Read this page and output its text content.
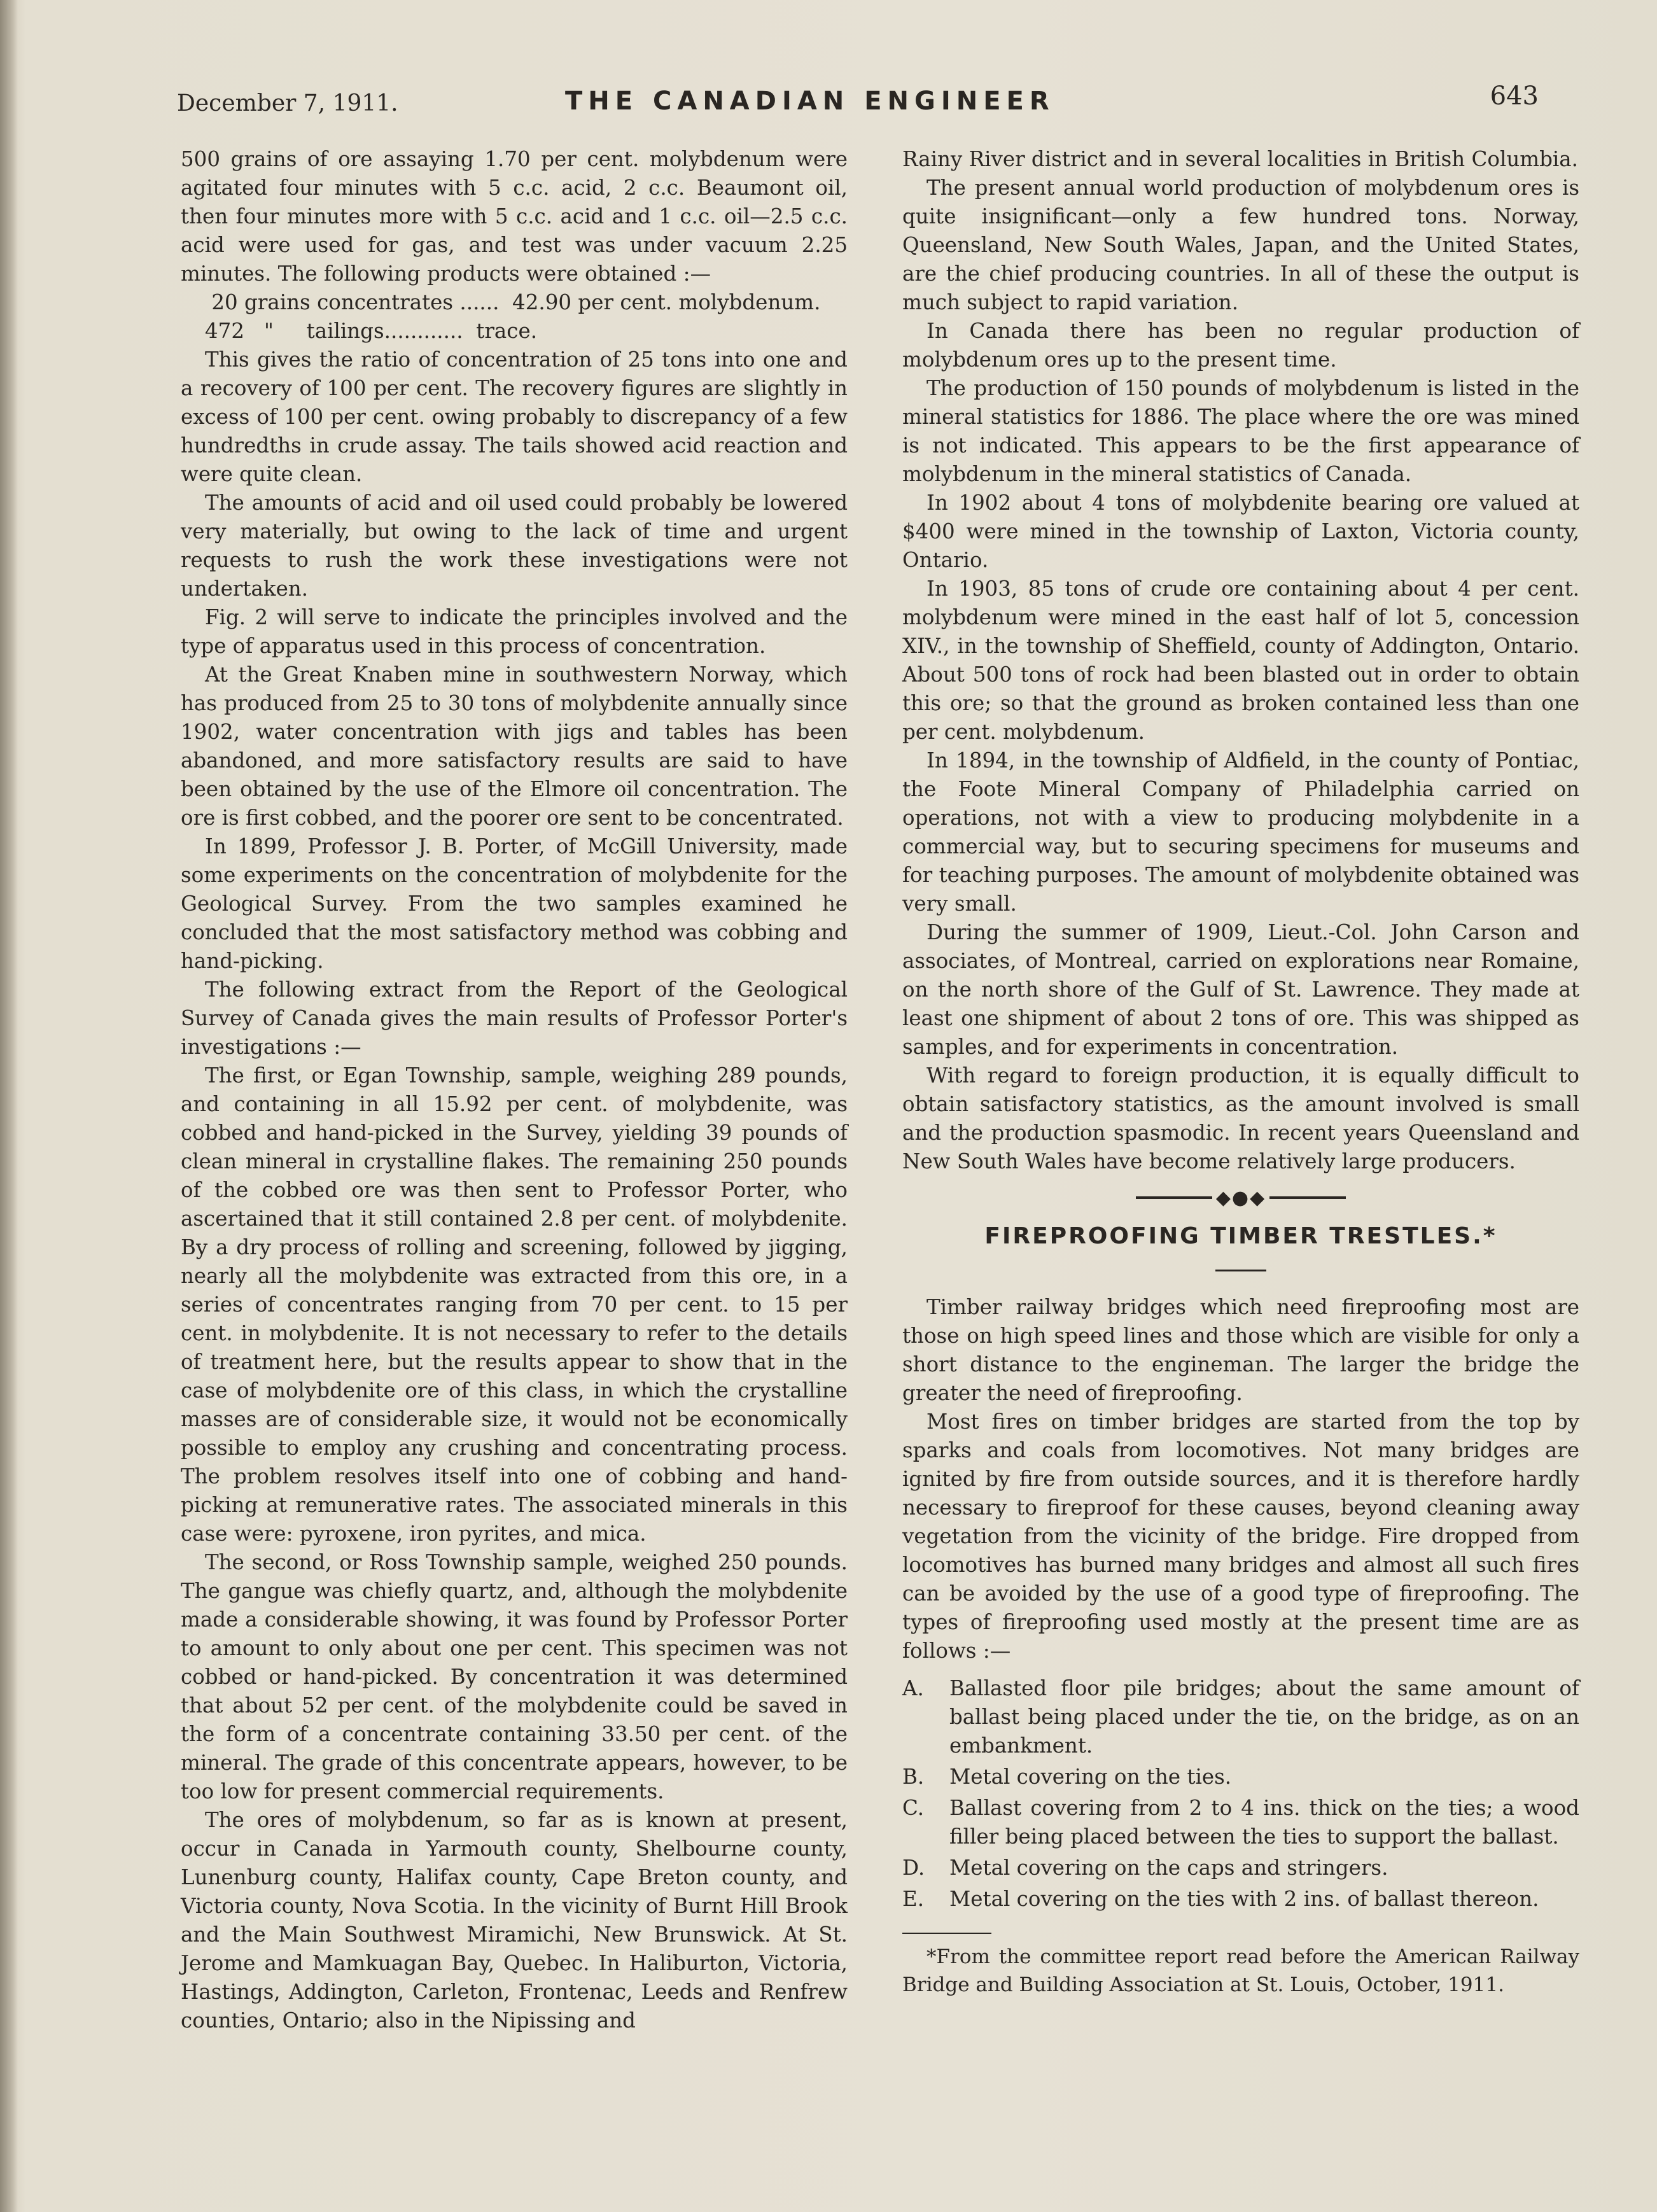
December 7, 1911.	THE CANADIAN ENGINEER	643

500 grains of ore assaying 1.70 per cent. molybdenum were agitated four minutes with 5 c.c. acid, 2 c.c. Beaumont oil, then four minutes more with 5 c.c. acid and 1 c.c. oil—2.5 c.c. acid were used for gas, and test was under vacuum 2.25 minutes. The following products were obtained :—

20 grains concentrates ......  42.90 per cent. molybdenum.

472   "     tailings............  trace.

This gives the ratio of concentration of 25 tons into one and a recovery of 100 per cent. The recovery figures are slightly in excess of 100 per cent. owing probably to discrepancy of a few hundredths in crude assay. The tails showed acid reaction and were quite clean.

The amounts of acid and oil used could probably be lowered very materially, but owing to the lack of time and urgent requests to rush the work these investigations were not undertaken.

Fig. 2 will serve to indicate the principles involved and the type of apparatus used in this process of concentration.

At the Great Knaben mine in southwestern Norway, which has produced from 25 to 30 tons of molybdenite annually since 1902, water concentration with jigs and tables has been abandoned, and more satisfactory results are said to have been obtained by the use of the Elmore oil concentration. The ore is first cobbed, and the poorer ore sent to be concentrated.

In 1899, Professor J. B. Porter, of McGill University, made some experiments on the concentration of molybdenite for the Geological Survey. From the two samples examined he concluded that the most satisfactory method was cobbing and hand-picking.

The following extract from the Report of the Geological Survey of Canada gives the main results of Professor Porter's investigations :—

The first, or Egan Township, sample, weighing 289 pounds, and containing in all 15.92 per cent. of molybdenite, was cobbed and hand-picked in the Survey, yielding 39 pounds of clean mineral in crystalline flakes. The remaining 250 pounds of the cobbed ore was then sent to Professor Porter, who ascertained that it still contained 2.8 per cent. of molybdenite. By a dry process of rolling and screening, followed by jigging, nearly all the molybdenite was extracted from this ore, in a series of concentrates ranging from 70 per cent. to 15 per cent. in molybdenite. It is not necessary to refer to the details of treatment here, but the results appear to show that in the case of molybdenite ore of this class, in which the crystalline masses are of considerable size, it would not be economically possible to employ any crushing and concentrating process. The problem resolves itself into one of cobbing and hand-picking at remunerative rates. The associated minerals in this case were: pyroxene, iron pyrites, and mica.

The second, or Ross Township sample, weighed 250 pounds. The gangue was chiefly quartz, and, although the molybdenite made a considerable showing, it was found by Professor Porter to amount to only about one per cent. This specimen was not cobbed or hand-picked. By concentration it was determined that about 52 per cent. of the molybdenite could be saved in the form of a concentrate containing 33.50 per cent. of the mineral. The grade of this concentrate appears, however, to be too low for present commercial requirements.

The ores of molybdenum, so far as is known at present, occur in Canada in Yarmouth county, Shelbourne county, Lunenburg county, Halifax county, Cape Breton county, and Victoria county, Nova Scotia. In the vicinity of Burnt Hill Brook and the Main Southwest Miramichi, New Brunswick. At St. Jerome and Mamkuagan Bay, Quebec. In Haliburton, Victoria, Hastings, Addington, Carleton, Frontenac, Leeds and Renfrew counties, Ontario; also in the Nipissing and

Rainy River district and in several localities in British Columbia.

The present annual world production of molybdenum ores is quite insignificant—only a few hundred tons. Norway, Queensland, New South Wales, Japan, and the United States, are the chief producing countries. In all of these the output is much subject to rapid variation.

In Canada there has been no regular production of molybdenum ores up to the present time.

The production of 150 pounds of molybdenum is listed in the mineral statistics for 1886. The place where the ore was mined is not indicated. This appears to be the first appearance of molybdenum in the mineral statistics of Canada.

In 1902 about 4 tons of molybdenite bearing ore valued at $400 were mined in the township of Laxton, Victoria county, Ontario.

In 1903, 85 tons of crude ore containing about 4 per cent. molybdenum were mined in the east half of lot 5, concession XIV., in the township of Sheffield, county of Addington, Ontario. About 500 tons of rock had been blasted out in order to obtain this ore; so that the ground as broken contained less than one per cent. molybdenum.

In 1894, in the township of Aldfield, in the county of Pontiac, the Foote Mineral Company of Philadelphia carried on operations, not with a view to producing molybdenite in a commercial way, but to securing specimens for museums and for teaching purposes. The amount of molybdenite obtained was very small.

During the summer of 1909, Lieut.-Col. John Carson and associates, of Montreal, carried on explorations near Romaine, on the north shore of the Gulf of St. Lawrence. They made at least one shipment of about 2 tons of ore. This was shipped as samples, and for experiments in concentration.

With regard to foreign production, it is equally difficult to obtain satisfactory statistics, as the amount involved is small and the production spasmodic. In recent years Queensland and New South Wales have become relatively large producers.

◆●◆
FIREPROOFING TIMBER TRESTLES.*

Timber railway bridges which need fireproofing most are those on high speed lines and those which are visible for only a short distance to the engineman. The larger the bridge the greater the need of fireproofing.

Most fires on timber bridges are started from the top by sparks and coals from locomotives. Not many bridges are ignited by fire from outside sources, and it is therefore hardly necessary to fireproof for these causes, beyond cleaning away vegetation from the vicinity of the bridge. Fire dropped from locomotives has burned many bridges and almost all such fires can be avoided by the use of a good type of fireproofing. The types of fireproofing used mostly at the present time are as follows :—

A.	Ballasted floor pile bridges; about the same amount of ballast being placed under the tie, on the bridge, as on an embankment.
B.	Metal covering on the ties.
C.	Ballast covering from 2 to 4 ins. thick on the ties; a wood filler being placed between the ties to support the ballast.
D.	Metal covering on the caps and stringers.
E.	Metal covering on the ties with 2 ins. of ballast thereon.

*From the committee report read before the American Railway Bridge and Building Association at St. Louis, October, 1911.
